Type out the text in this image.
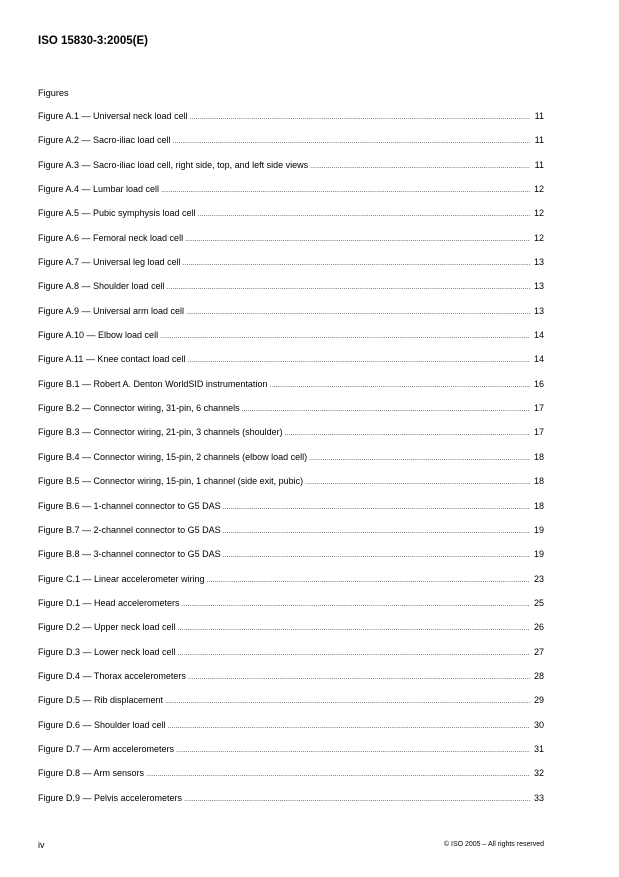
ISO 15830-3:2005(E)
Figures
Figure A.1 — Universal neck load cell .....	11
Figure A.2 — Sacro-iliac load cell .....	11
Figure A.3 — Sacro-iliac load cell, right side, top, and left side views .....	11
Figure A.4 — Lumbar load cell .....	12
Figure A.5 — Pubic symphysis load cell .....	12
Figure A.6 — Femoral neck load cell .....	12
Figure A.7 — Universal leg load cell .....	13
Figure A.8 — Shoulder load cell .....	13
Figure A.9 — Universal arm load cell .....	13
Figure A.10 — Elbow load cell .....	14
Figure A.11 — Knee contact load cell .....	14
Figure B.1 — Robert A. Denton WorldSID instrumentation .....	16
Figure B.2 — Connector wiring, 31-pin, 6 channels .....	17
Figure B.3 — Connector wiring, 21-pin, 3 channels (shoulder) .....	17
Figure B.4 — Connector wiring, 15-pin, 2 channels (elbow load cell) .....	18
Figure B.5 — Connector wiring, 15-pin, 1 channel (side exit, pubic) .....	18
Figure B.6 — 1-channel connector to G5 DAS .....	18
Figure B.7 — 2-channel connector to G5 DAS .....	19
Figure B.8 — 3-channel connector to G5 DAS .....	19
Figure C.1 — Linear accelerometer wiring .....	23
Figure D.1 — Head accelerometers .....	25
Figure D.2 — Upper neck load cell .....	26
Figure D.3 — Lower neck load cell .....	27
Figure D.4 — Thorax accelerometers .....	28
Figure D.5 — Rib displacement .....	29
Figure D.6 — Shoulder load cell .....	30
Figure D.7 — Arm accelerometers .....	31
Figure D.8 — Arm sensors .....	32
Figure D.9 — Pelvis accelerometers .....	33
iv	© ISO 2005 – All rights reserved
